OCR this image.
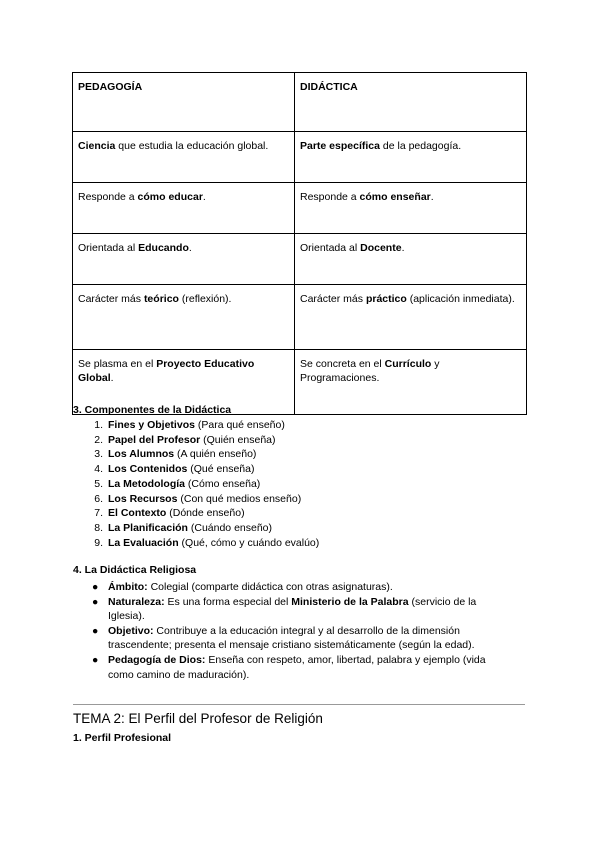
PEDAGOGÍA	DIDÁCTICA
Ciencia que estudia la educación global.	Parte específica de la pedagogía.
Responde a cómo educar.	Responde a cómo enseñar.
Orientada al Educando.	Orientada al Docente.
Carácter más teórico (reflexión).	Carácter más práctico (aplicación inmediata).
Se plasma en el Proyecto Educativo Global.	Se concreta en el Currículo y Programaciones.
3. Componentes de la Didáctica
1. Fines y Objetivos (Para qué enseño)
2. Papel del Profesor (Quién enseña)
3. Los Alumnos (A quién enseño)
4. Los Contenidos (Qué enseña)
5. La Metodología (Cómo enseña)
6. Los Recursos (Con qué medios enseño)
7. El Contexto (Dónde enseño)
8. La Planificación (Cuándo enseño)
9. La Evaluación (Qué, cómo y cuándo evalúo)
4. La Didáctica Religiosa
● Ámbito: Colegial (comparte didáctica con otras asignaturas).
● Naturaleza: Es una forma especial del Ministerio de la Palabra (servicio de la Iglesia).
● Objetivo: Contribuye a la educación integral y al desarrollo de la dimensión trascendente; presenta el mensaje cristiano sistemáticamente (según la edad).
● Pedagogía de Dios: Enseña con respeto, amor, libertad, palabra y ejemplo (vida como camino de maduración).
TEMA 2: El Perfil del Profesor de Religión
1. Perfil Profesional
